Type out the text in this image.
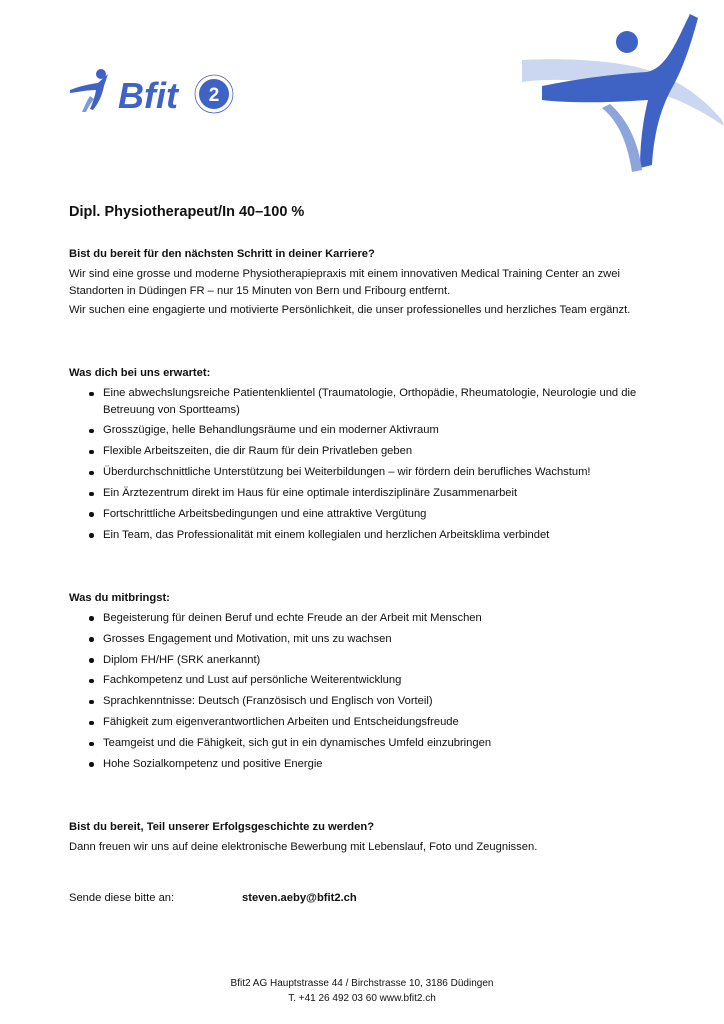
Bfit 2
Dipl. Physiotherapeut/In 40–100 %
Bist du bereit für den nächsten Schritt in deiner Karriere?

Wir sind eine grosse und moderne Physiotherapiepraxis mit einem innovativen Medical Training Center an zwei Standorten in Düdingen FR – nur 15 Minuten von Bern und Fribourg entfernt.

Wir suchen eine engagierte und motivierte Persönlichkeit, die unser professionelles und herzliches Team ergänzt.

Was dich bei uns erwartet:
Eine abwechslungsreiche Patientenklientel (Traumatologie, Orthopädie, Rheumatologie, Neurologie und die Betreuung von Sportteams)
Grosszügige, helle Behandlungsräume und ein moderner Aktivraum
Flexible Arbeitszeiten, die dir Raum für dein Privatleben geben
Überdurchschnittliche Unterstützung bei Weiterbildungen – wir fördern dein berufliches Wachstum!
Ein Ärztezentrum direkt im Haus für eine optimale interdisziplinäre Zusammenarbeit
Fortschrittliche Arbeitsbedingungen und eine attraktive Vergütung
Ein Team, das Professionalität mit einem kollegialen und herzlichen Arbeitsklima verbindet
Was du mitbringst:
Begeisterung für deinen Beruf und echte Freude an der Arbeit mit Menschen
Grosses Engagement und Motivation, mit uns zu wachsen
Diplom FH/HF (SRK anerkannt)
Fachkompetenz und Lust auf persönliche Weiterentwicklung
Sprachkenntnisse: Deutsch (Französisch und Englisch von Vorteil)
Fähigkeit zum eigenverantwortlichen Arbeiten und Entscheidungsfreude
Teamgeist und die Fähigkeit, sich gut in ein dynamisches Umfeld einzubringen
Hohe Sozialkompetenz und positive Energie
Bist du bereit, Teil unserer Erfolgsgeschichte zu werden?

Dann freuen wir uns auf deine elektronische Bewerbung mit Lebenslauf, Foto und Zeugnissen.

Sende diese bitte an:	steven.aeby@bfit2.ch
Bfit2 AG Hauptstrasse 44 / Birchstrasse 10, 3186 Düdingen
T. +41 26 492 03 60 www.bfit2.ch
